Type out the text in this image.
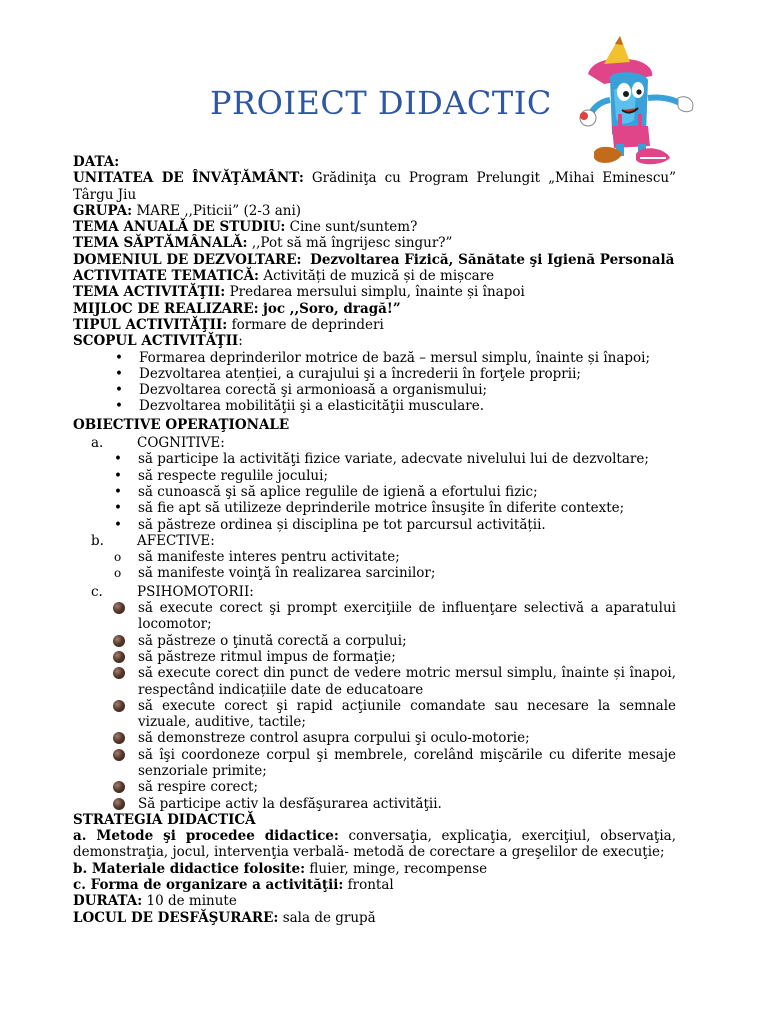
PROIECT DIDACTIC

DATA:

UNITATEA DE ÎNVĂŢĂMÂNT: Grădiniţa cu Program Prelungit „Mihai Eminescu” Târgu Jiu

GRUPA: MARE ,,Piticii” (2-3 ani)

TEMA ANUALĂ DE STUDIU: Cine sunt/suntem?

TEMA SĂPTĂMÂNALĂ: ,,Pot să mă îngrijesc singur?”

DOMENIUL DE DEZVOLTARE: Dezvoltarea Fizică, Sănătate şi Igienă Personală

ACTIVITATE TEMATICĂ: Activități de muzică și de mișcare

TEMA ACTIVITĂŢII: Predarea mersului simplu, înainte și înapoi

MIJLOC DE REALIZARE: joc ,,Soro, dragă!”

TIPUL ACTIVITĂŢII: formare de deprinderi

SCOPUL ACTIVITĂŢII:

• Formarea deprinderilor motrice de bază – mersul simplu, înainte și înapoi;
• Dezvoltarea atenției, a curajului şi a încrederii în forţele proprii;
• Dezvoltarea corectă şi armonioasă a organismului;
• Dezvoltarea mobilităţii şi a elasticităţii musculare.

OBIECTIVE OPERAŢIONALE

a. COGNITIVE:

• să participe la activităţi fizice variate, adecvate nivelului lui de dezvoltare;
• să respecte regulile jocului;
• să cunoască şi să aplice regulile de igienă a efortului fizic;
• să fie apt să utilizeze deprinderile motrice însuşite în diferite contexte;
• să păstreze ordinea și disciplina pe tot parcursul activității.

b. AFECTIVE:

o să manifeste interes pentru activitate;
o să manifeste voinţă în realizarea sarcinilor;

c.	PSIHOMOTORII:

să execute corect şi prompt exerciţiile de influenţare selectivă a aparatului locomotor;
să păstreze o ţinută corectă a corpului;
să păstreze ritmul impus de formaţie;
să execute corect din punct de vedere motric mersul simplu, înainte și înapoi, respectând indicațiile date de educatoare
să execute corect şi rapid acţiunile comandate sau necesare la semnale vizuale, auditive, tactile;
să demonstreze control asupra corpului şi oculo-motorie;
să îşi coordoneze corpul şi membrele, corelând mişcările cu diferite mesaje senzoriale primite;
să respire corect;
Să participe activ la desfăşurarea activităţii.

STRATEGIA DIDACTICĂ

a. Metode şi procedee didactice: conversaţia, explicaţia, exerciţiul, observaţia, demonstraţia, jocul, intervenţia verbală- metodă de corectare a greşelilor de execuţie;

b. Materiale didactice folosite: fluier, minge, recompense

c. Forma de organizare a activităţii: frontal

DURATA: 10 de minute

LOCUL DE DESFĂŞURARE: sala de grupă
